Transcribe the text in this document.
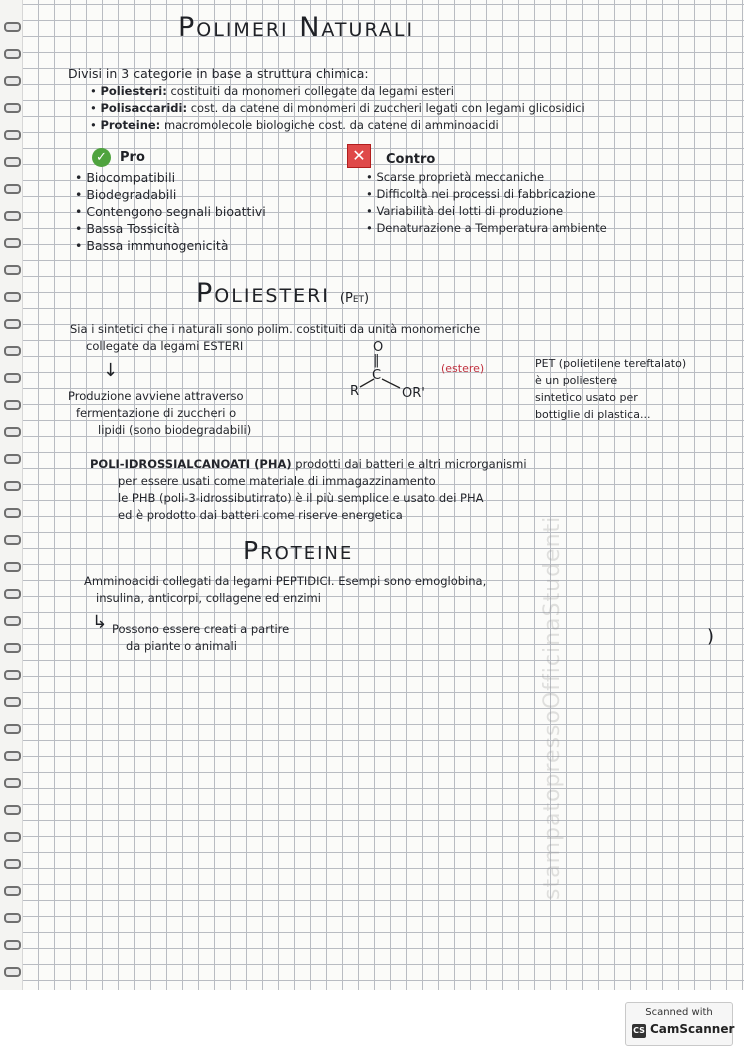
stampatopressoOfficinaStudenti
Polimeri Naturali
Divisi in 3 categorie in base a struttura chimica:
• Poliesteri: costituiti da monomeri collegate da legami esteri
• Polisaccaridi: cost. da catene di monomeri di zuccheri legati con legami glicosidici
• Proteine: macromolecole biologiche cost. da catene di amminoacidi
✓	Pro	✕	Contro
• Biocompatibili
• Biodegradabili
• Contengono segnali bioattivi
• Bassa Tossicità
• Bassa immunogenicità
• Scarse proprietà meccaniche
• Difficoltà nei processi di fabbricazione
• Variabilità dei lotti di produzione
• Denaturazione a Temperatura ambiente
Poliesteri (Pet)
Sia i sintetici che i naturali sono polim. costituiti da unità monomeriche
collegate da legami ESTERI
↓
Produzione avviene attraverso
fermentazione di zuccheri o
lipidi (sono biodegradabili)
O
‖
C
R	OR'
(estere)	PET (polietilene tereftalato)
è un poliestere
sintetico usato per
bottiglie di plastica...
POLI-IDROSSIALCANOATI (PHA) prodotti dai batteri e altri microrganismi
per essere usati come materiale di immagazzinamento
le PHB (poli-3-idrossibutirrato) è il più semplice e usato dei PHA
ed è prodotto dai batteri come riserve energetica
Proteine
Amminoacidi collegati da legami PEPTIDICI. Esempi sono emoglobina,
insulina, anticorpi, collagene ed enzimi
↳ Possono essere creati a partire
da piante o animali	)
Scanned with
CS CamScanner
